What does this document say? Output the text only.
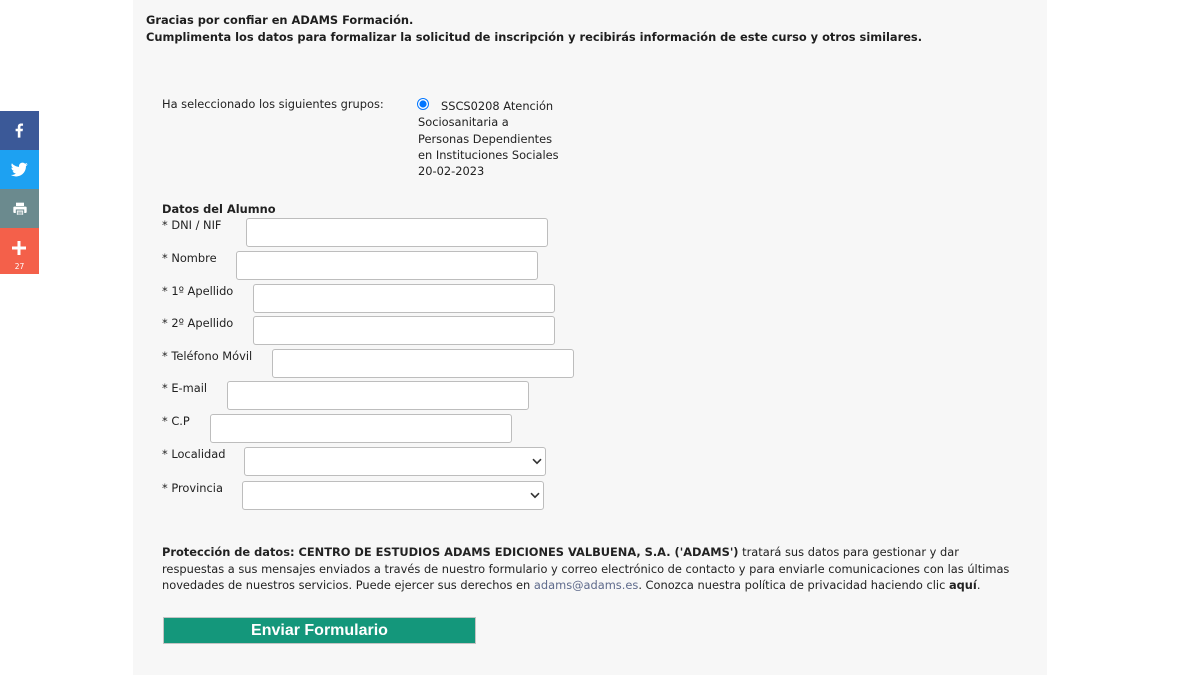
27
Gracias por confiar en ADAMS Formación.
Cumplimenta los datos para formalizar la solicitud de inscripción y recibirás información de este curso y otros similares.
Ha seleccionado los siguientes grupos:	SSCS0208 Atención
Sociosanitaria a
Personas Dependientes
en Instituciones Sociales
20-02-2023
Datos del Alumno
* DNI / NIF
* Nombre
* 1º Apellido
* 2º Apellido
* Teléfono Móvil
* E-mail
* C.P
* Localidad
* Provincia
Protección de datos: CENTRO DE ESTUDIOS ADAMS EDICIONES VALBUENA, S.A. ('ADAMS') tratará sus datos para gestionar y dar
respuestas a sus mensajes enviados a través de nuestro formulario y correo electrónico de contacto y para enviarle comunicaciones con las últimas
novedades de nuestros servicios. Puede ejercer sus derechos en adams@adams.es. Conozca nuestra política de privacidad haciendo clic aquí.
Enviar Formulario
